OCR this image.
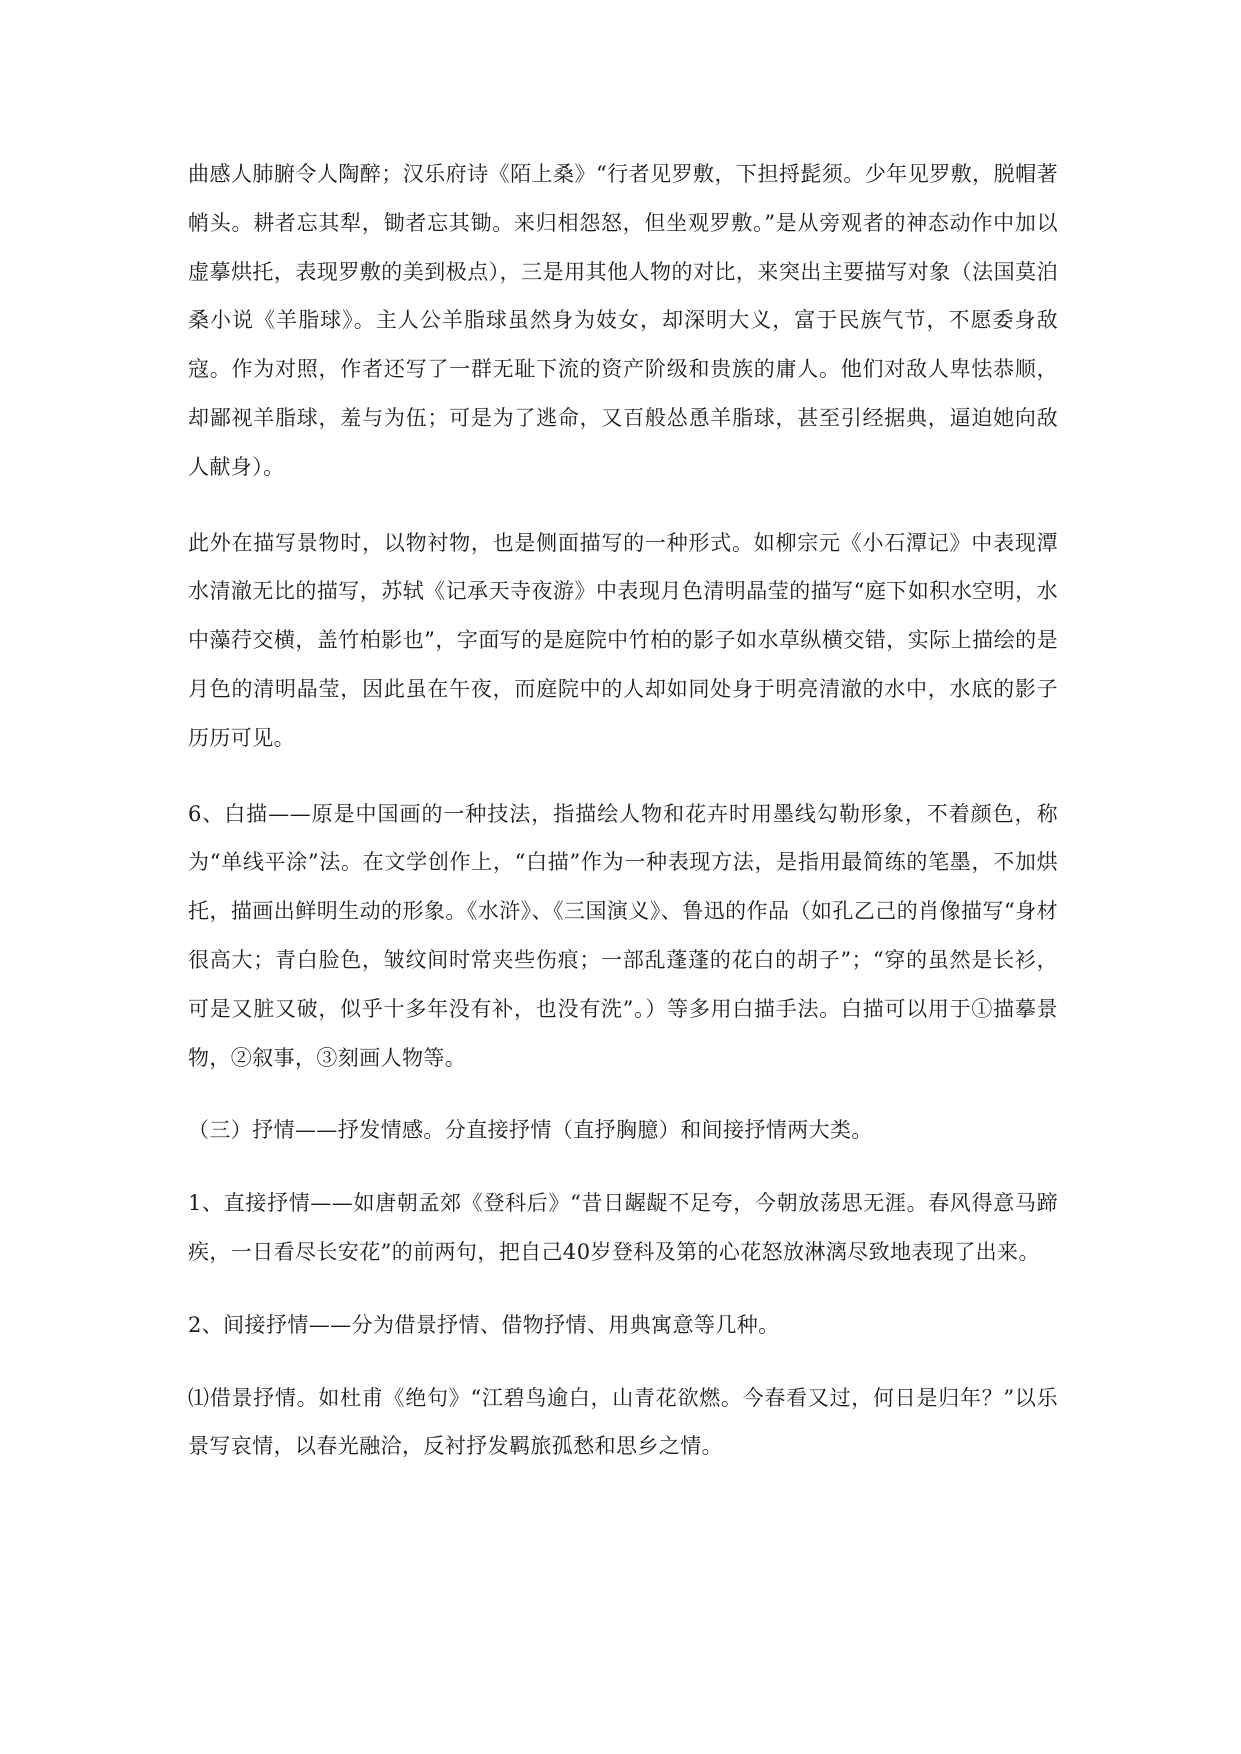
曲感人肺腑令人陶醉；汉乐府诗《陌上桑》“行者见罗敷，下担捋髭须。少年见罗敷，脱帽著帩头。耕者忘其犁，锄者忘其锄。来归相怨怒，但坐观罗敷。”是从旁观者的神态动作中加以虚摹烘托，表现罗敷的美到极点），三是用其他人物的对比，来突出主要描写对象（法国莫泊桑小说《羊脂球》。主人公羊脂球虽然身为妓女，却深明大义，富于民族气节，不愿委身敌寇。作为对照，作者还写了一群无耻下流的资产阶级和贵族的庸人。他们对敌人卑怯恭顺，却鄙视羊脂球，羞与为伍；可是为了逃命，又百般怂恿羊脂球，甚至引经据典，逼迫她向敌人献身）。

此外在描写景物时，以物衬物，也是侧面描写的一种形式。如柳宗元《小石潭记》中表现潭水清澈无比的描写，苏轼《记承天寺夜游》中表现月色清明晶莹的描写“庭下如积水空明，水中藻荇交横，盖竹柏影也”，字面写的是庭院中竹柏的影子如水草纵横交错，实际上描绘的是月色的清明晶莹，因此虽在午夜，而庭院中的人却如同处身于明亮清澈的水中，水底的影子历历可见。

6、白描——原是中国画的一种技法，指描绘人物和花卉时用墨线勾勒形象，不着颜色，称为“单线平涂”法。在文学创作上，“白描”作为一种表现方法，是指用最简练的笔墨，不加烘托，描画出鲜明生动的形象。《水浒》、《三国演义》、鲁迅的作品（如孔乙己的肖像描写“身材很高大；青白脸色，皱纹间时常夹些伤痕；一部乱蓬蓬的花白的胡子”；“穿的虽然是长衫，可是又脏又破，似乎十多年没有补，也没有洗”。）等多用白描手法。白描可以用于①描摹景物，②叙事，③刻画人物等。

（三）抒情——抒发情感。分直接抒情（直抒胸臆）和间接抒情两大类。

1、直接抒情——如唐朝孟郊《登科后》“昔日龌龊不足夸，今朝放荡思无涯。春风得意马蹄疾，一日看尽长安花”的前两句，把自己40岁登科及第的心花怒放淋漓尽致地表现了出来。

2、间接抒情——分为借景抒情、借物抒情、用典寓意等几种。

⑴借景抒情。如杜甫《绝句》“江碧鸟逾白，山青花欲燃。今春看又过，何日是归年？”以乐景写哀情，以春光融洽，反衬抒发羁旅孤愁和思乡之情。
